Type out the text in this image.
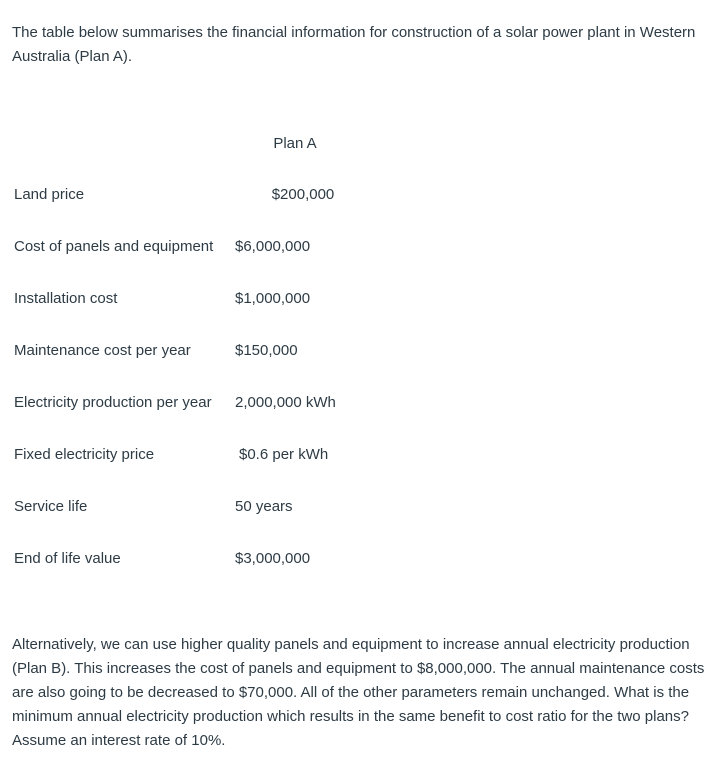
The table below summarises the financial information for construction of a solar power plant in Western Australia (Plan A).

	Plan A
Land price	$200,000
Cost of panels and equipment	$6,000,000
Installation cost	$1,000,000
Maintenance cost per year	$150,000
Electricity production per year	2,000,000 kWh
Fixed electricity price	$0.6 per kWh
Service life	50 years
End of life value	$3,000,000

Alternatively, we can use higher quality panels and equipment to increase annual electricity production (Plan B). This increases the cost of panels and equipment to $8,000,000. The annual maintenance costs are also going to be decreased to $70,000. All of the other parameters remain unchanged. What is the minimum annual electricity production which results in the same benefit to cost ratio for the two plans? Assume an interest rate of 10%.
